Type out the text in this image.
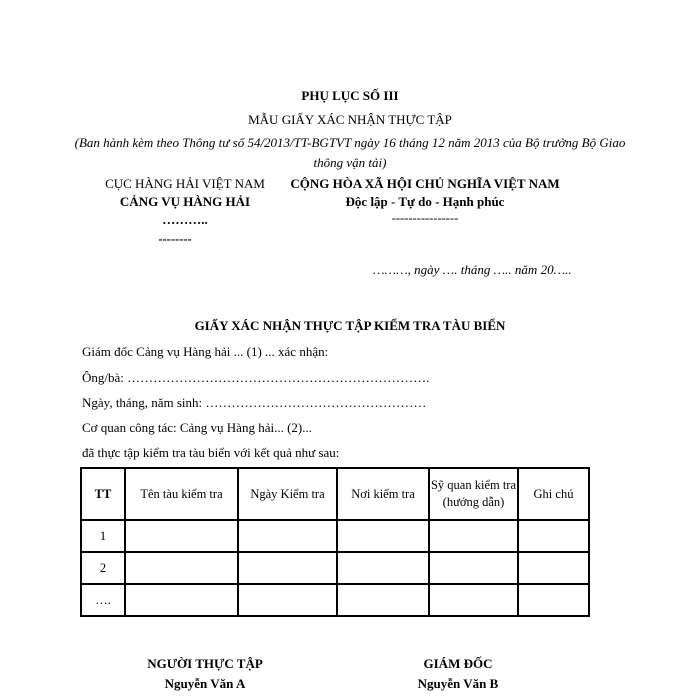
PHỤ LỤC SỐ III
MẪU GIẤY XÁC NHẬN THỰC TẬP
(Ban hành kèm theo Thông tư số 54/2013/TT-BGTVT ngày 16 tháng 12 năm 2013 của Bộ trưởng Bộ Giao thông vận tải)
CỤC HÀNG HẢI VIỆT NAM
CẢNG VỤ HÀNG HẢI
………..
--------
CỘNG HÒA XÃ HỘI CHỦ NGHĨA VIỆT NAM
Độc lập - Tự do - Hạnh phúc
----------------
………, ngày …. tháng ….. năm 20…..
GIẤY XÁC NHẬN THỰC TẬP KIỂM TRA TÀU BIỂN
Giám đốc Cảng vụ Hàng hải ... (1) ... xác nhận:
Ông/bà: …………………………………………………………….
Ngày, tháng, năm sinh: ……………………………………………
Cơ quan công tác: Cảng vụ Hàng hải... (2)...
đã thực tập kiểm tra tàu biển với kết quả như sau:
TT	Tên tàu kiểm tra	Ngày Kiểm tra	Nơi kiểm tra	Sỹ quan kiểm tra (hướng dẫn)	Ghi chú
1					
2					
….					
NGƯỜI THỰC TẬP
Nguyễn Văn A
GIÁM ĐỐC
Nguyễn Văn B
